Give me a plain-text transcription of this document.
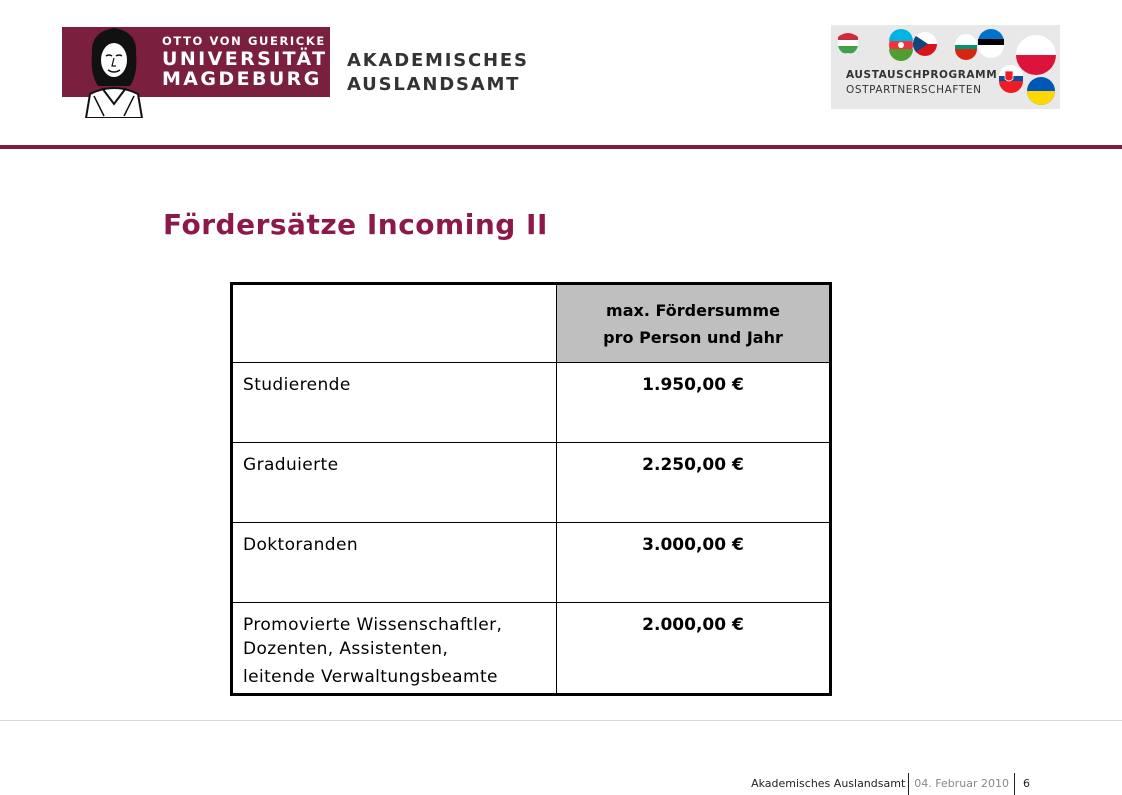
OTTO VON GUERICKE
UNIVERSITÄT
MAGDEBURG
AKADEMISCHES
AUSLANDSAMT	AUSTAUSCHPROGRAMM
OSTPARTNERSCHAFTEN
Fördersätze Incoming II
	max. Fördersumme
pro Person und Jahr
Studierende	1.950,00 €
Graduierte	2.250,00 €
Doktoranden	3.000,00 €
Promovierte Wissenschaftler,
Dozenten, Assistenten,
leitende Verwaltungsbeamte	2.000,00 €
Akademisches Auslandsamt 04. Februar 2010 6
